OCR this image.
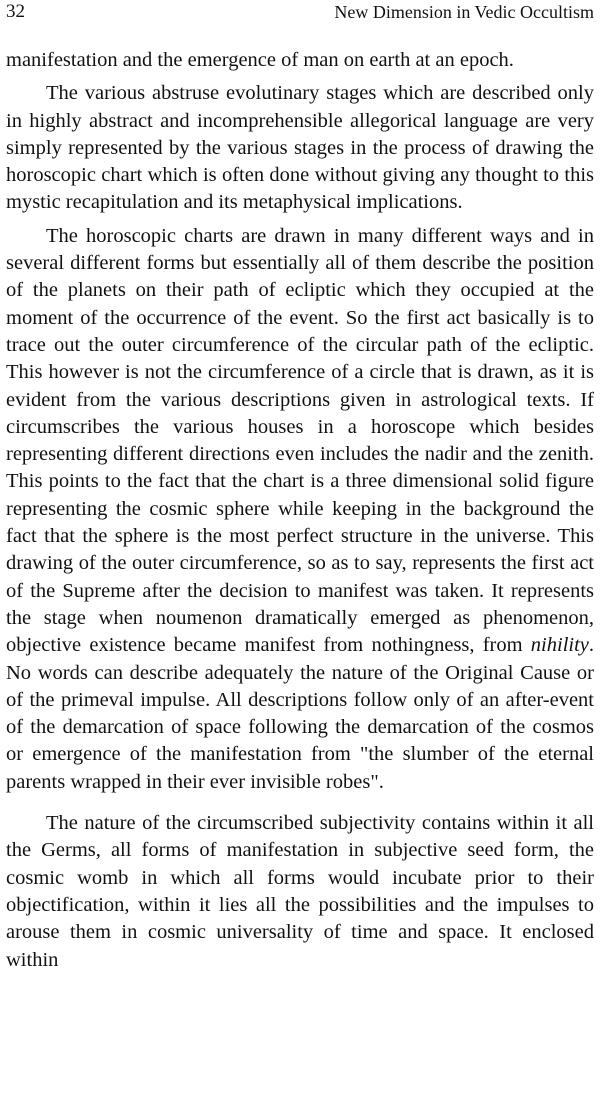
32	New Dimension in Vedic Occultism

manifestation and the emergence of man on earth at an epoch.

The various abstruse evolutinary stages which are described only in highly abstract and incomprehensible allegorical language are very simply represented by the various stages in the process of drawing the horoscopic chart which is often done without giving any thought to this mystic recapitulation and its metaphysical implications.

The horoscopic charts are drawn in many different ways and in several different forms but essentially all of them describe the position of the planets on their path of ecliptic which they occupied at the moment of the occurrence of the event. So the first act basically is to trace out the outer circumference of the circular path of the ecliptic. This however is not the circumference of a circle that is drawn, as it is evident from the various descriptions given in astrological texts. If circumscribes the various houses in a horoscope which besides representing different directions even includes the nadir and the zenith. This points to the fact that the chart is a three dimensional solid figure representing the cosmic sphere while keeping in the background the fact that the sphere is the most perfect structure in the universe. This drawing of the outer circumference, so as to say, represents the first act of the Supreme after the decision to manifest was taken. It represents the stage when noumenon dramatically emerged as phenomenon, objective existence became manifest from nothingness, from nihility. No words can describe adequately the nature of the Original Cause or of the primeval impulse. All descriptions follow only of an after-event of the demarcation of space following the demarcation of the cosmos or emergence of the manifestation from "the slumber of the eternal parents wrapped in their ever invisible robes".

The nature of the circumscribed subjectivity contains within it all the Germs, all forms of manifestation in subjective seed form, the cosmic womb in which all forms would incubate prior to their objectification, within it lies all the possibilities and the impulses to arouse them in cosmic universality of time and space. It enclosed within
